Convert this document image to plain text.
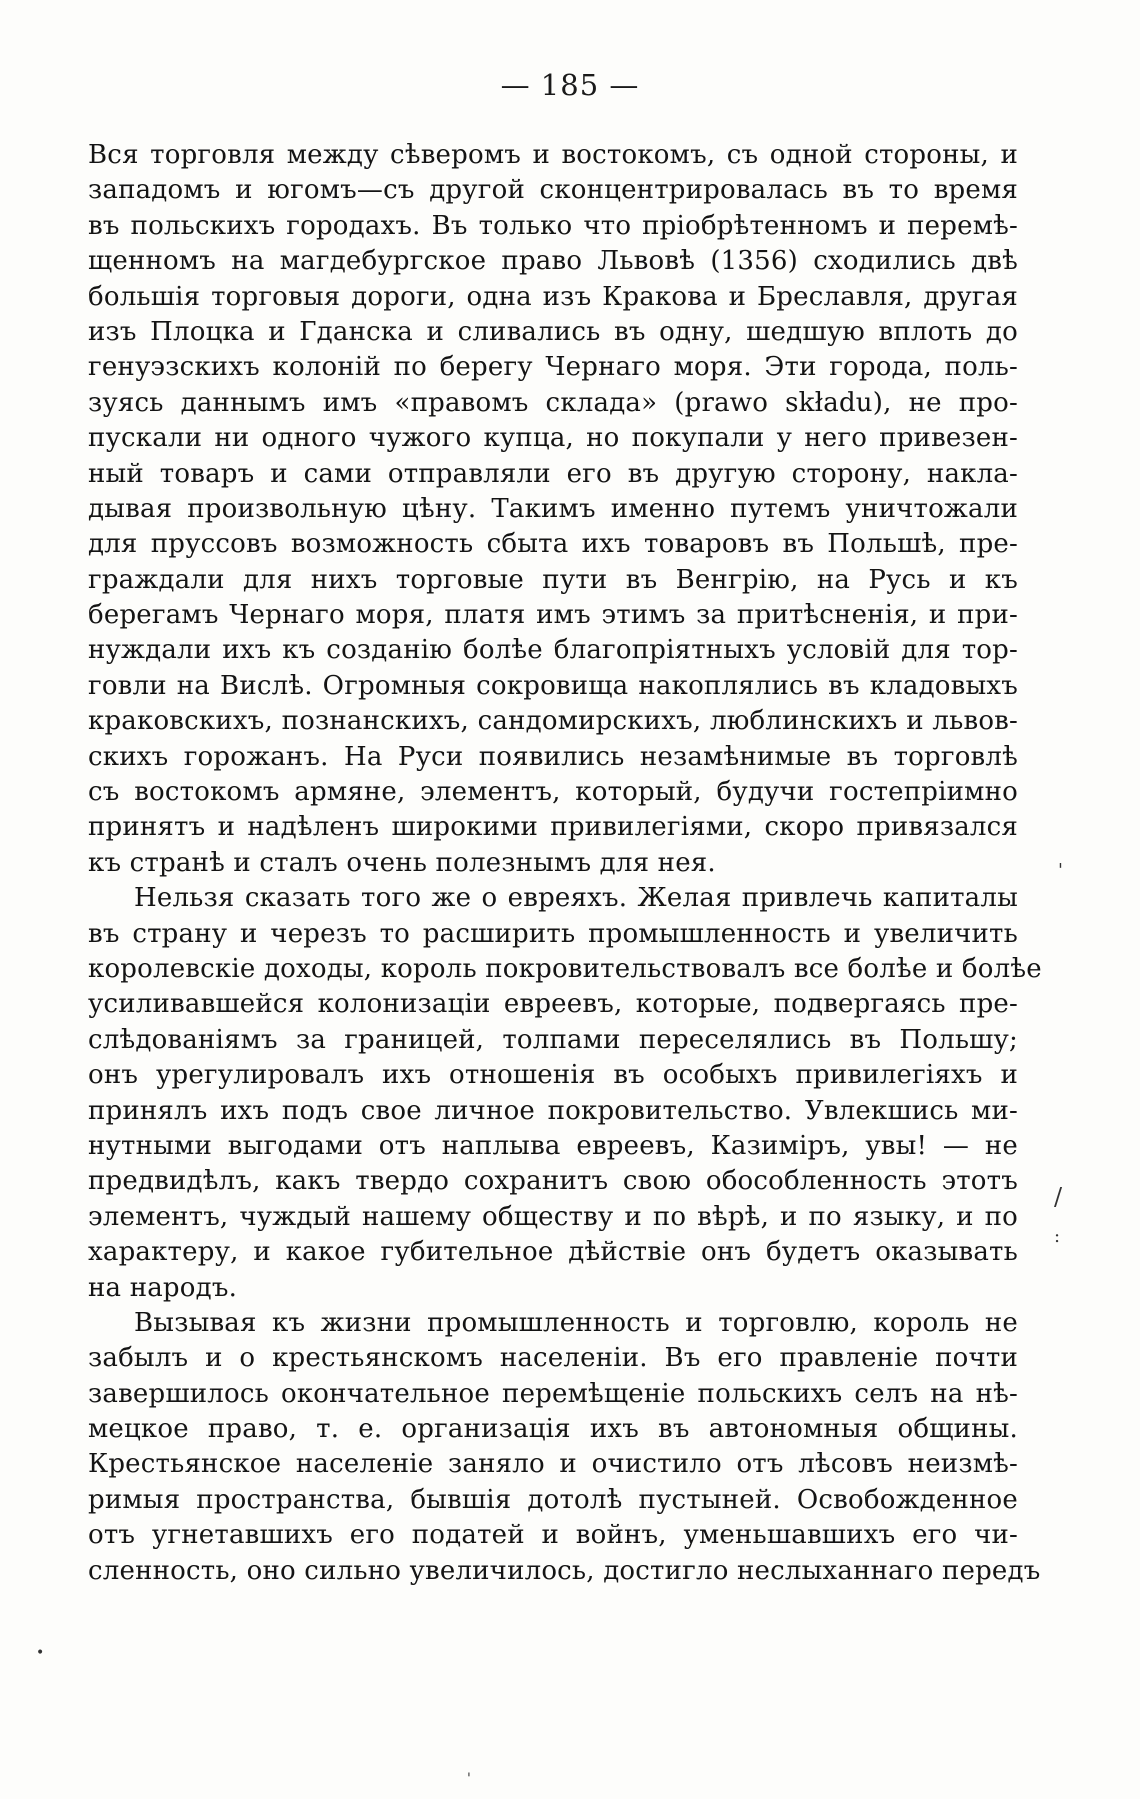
— 185 —
Вся торговля между сѣверомъ и востокомъ, съ одной стороны, и
западомъ и югомъ—съ другой сконцентрировалась въ то время
въ польскихъ городахъ. Въ только что пріобрѣтенномъ и перемѣ-
щенномъ на магдебургское право Львовѣ (1356) сходились двѣ
большія торговыя дороги, одна изъ Кракова и Бреславля, другая
изъ Плоцка и Гданска и сливались въ одну, шедшую вплоть до
генуэзскихъ колоній по берегу Чернаго моря. Эти города, поль-
зуясь даннымъ имъ «правомъ склада» (prawo składu), не про-
пускали ни одного чужого купца, но покупали у него привезен-
ный товаръ и сами отправляли его въ другую сторону, накла-
дывая произвольную цѣну. Такимъ именно путемъ уничтожали
для пруссовъ возможность сбыта ихъ товаровъ въ Польшѣ, пре-
граждали для нихъ торговые пути въ Венгрію, на Русь и къ
берегамъ Чернаго моря, платя имъ этимъ за притѣсненія, и при-
нуждали ихъ къ созданію болѣе благопріятныхъ условій для тор-
говли на Вислѣ. Огромныя сокровища накоплялись въ кладовыхъ
краковскихъ, познанскихъ, сандомирскихъ, люблинскихъ и львов-
скихъ горожанъ. На Руси появились незамѣнимые въ торговлѣ
съ востокомъ армяне, элементъ, который, будучи гостепріимно
принятъ и надѣленъ широкими привилегіями, скоро привязался
къ странѣ и сталъ очень полезнымъ для нея.
Нельзя сказать того же о евреяхъ. Желая привлечь капиталы
въ страну и черезъ то расширить промышленность и увеличить
королевскіе доходы, король покровительствовалъ все болѣе и болѣе
усиливавшейся колонизаціи евреевъ, которые, подвергаясь пре-
слѣдованіямъ за границей, толпами переселялись въ Польшу;
онъ урегулировалъ ихъ отношенія въ особыхъ привилегіяхъ и
принялъ ихъ подъ свое личное покровительство. Увлекшись ми-
нутными выгодами отъ наплыва евреевъ, Казиміръ, увы! — не
предвидѣлъ, какъ твердо сохранитъ свою обособленность этотъ
элементъ, чуждый нашему обществу и по вѣрѣ, и по языку, и по
характеру, и какое губительное дѣйствіе онъ будетъ оказывать
на народъ.
Вызывая къ жизни промышленность и торговлю, король не
забылъ и о крестьянскомъ населеніи. Въ его правленіе почти
завершилось окончательное перемѣщеніе польскихъ селъ на нѣ-
мецкое право, т. е. организація ихъ въ автономныя общины.
Крестьянское населеніе заняло и очистило отъ лѣсовъ неизмѣ-
римыя пространства, бывшія дотолѣ пустыней. Освобожденное
отъ угнетавшихъ его податей и войнъ, уменьшавшихъ его чи-
сленность, оно сильно увеличилось, достигло неслыханнаго передъ
'
/
:
•
'
